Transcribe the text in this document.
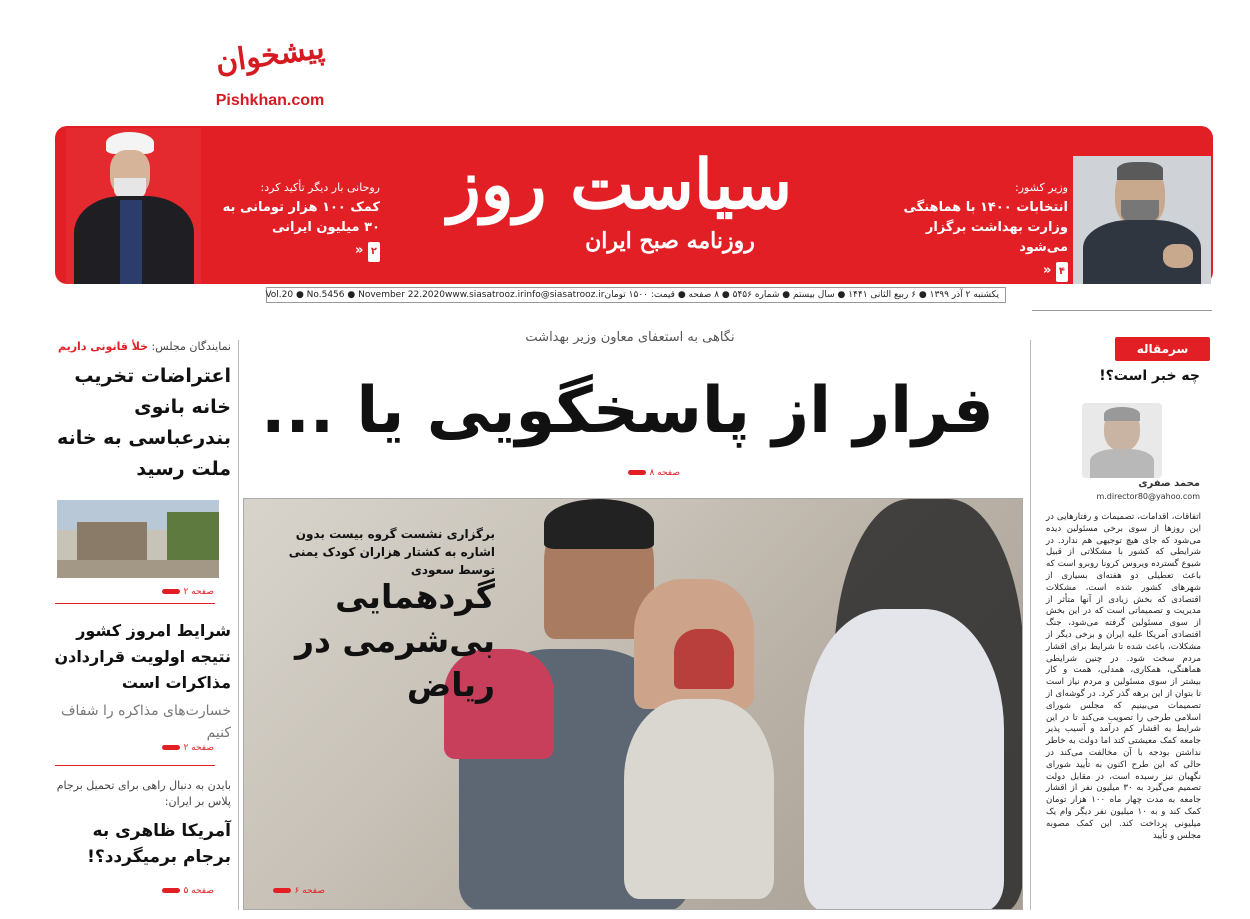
پیشخوان
Pishkhan.com
وزیر کشور:
انتخابات ۱۴۰۰ با هماهنگی وزارت بهداشت برگزار می‌شود
۴ «
سیاست روز
روزنامه صبح ایران
روحانی بار دیگر تأکید کرد:
کمک ۱۰۰ هزار تومانی به ۳۰ میلیون ایرانی
۲ «
یکشنبه ۲ آذر ۱۳۹۹ ● ۶ ربیع الثانی ۱۴۴۱ ● سال بیستم ● شماره ۵۴۵۶ ● ۸ صفحه ● قیمت: ۱۵۰۰ تومان
info@siasatrooz.ir
www.siasatrooz.ir
Vol.20 ● No.5456 ● November 22.2020
نگاهی به استعفای معاون وزیر بهداشت
فرار از پاسخگویی یا ...
صفحه ۸
برگزاری نشست گروه بیست بدون اشاره به کشتار هزاران کودک یمنی توسط سعودی
گردهمایی بی‌شرمی در ریاض
صفحه ۶
نمایندگان مجلس: خلأ قانونی داریم
اعتراضات تخریب خانه بانوی بندرعباسی به خانه ملت رسید
صفحه ۲
شرایط امروز کشور نتیجه اولویت قراردادن مذاکرات است
خسارت‌های مذاکره را شفاف کنیم
صفحه ۲
بایدن به دنبال راهی برای تحمیل برجام پلاس بر ایران:
آمریکا ظاهری به برجام برمیگردد؟!
صفحه ۵
سرمقاله
چه خبر است؟!
محمد صفری
m.director80@yahoo.com
اتفاقات، اقدامات، تصمیمات و رفتارهایی در این روزها از سوی برخی مسئولین دیده می‌شود که جای هیچ توجیهی هم ندارد. در شرایطی که کشور با مشکلاتی از قبیل شیوع گسترده ویروس کرونا روبرو است که باعث تعطیلی دو هفته‌ای بسیاری از شهرهای کشور شده است، مشکلات اقتصادی که بخش زیادی از آنها متأثر از مدیریت و تصمیماتی است که در این بخش از سوی مسئولین گرفته می‌شود، جنگ اقتصادی آمریکا علیه ایران و برخی دیگر از مشکلات، باعث شده تا شرایط برای اقشار مردم سخت شود. در چنین شرایطی هماهنگی، همکاری، همدلی، همت و کار بیشتر از سوی مسئولین و مردم نیاز است تا بتوان از این برهه گذر کرد. در گوشه‌ای از تصمیمات می‌بینیم که مجلس شورای اسلامی طرحی را تصویب می‌کند تا در این شرایط به اقشار کم درآمد و آسیب پذیر جامعه کمک معیشتی کند اما دولت به خاطر نداشتن بودجه با آن مخالفت می‌کند در حالی که این طرح اکنون به تأیید شورای نگهبان نیز رسیده است، در مقابل دولت تصمیم می‌گیرد به ۳۰ میلیون نفر از اقشار جامعه به مدت چهار ماه ۱۰۰ هزار تومان کمک کند و به ۱۰ میلیون نفر دیگر وام یک میلیونی پرداخت کند. این کمک مصوبه مجلس و تأیید
